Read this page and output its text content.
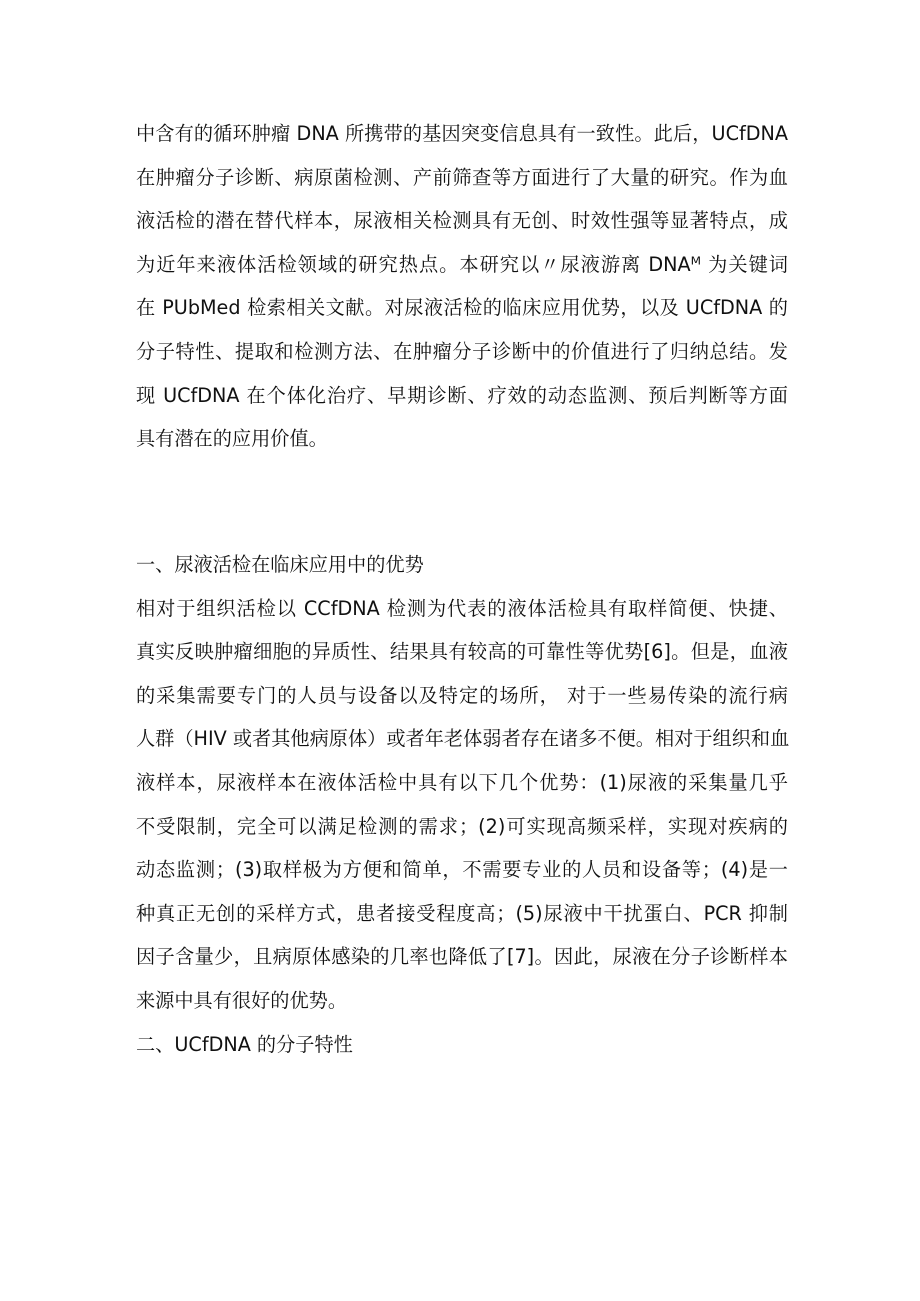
中含有的循环肿瘤 DNA 所携带的基因突变信息具有一致性。此后，UCfDNA
在肿瘤分子诊断、病原菌检测、产前筛查等方面进行了大量的研究。作为血
液活检的潜在替代样本，尿液相关检测具有无创、时效性强等显著特点，成
为近年来液体活检领域的研究热点。本研究以〃尿液游离 DNAᴹ 为关键词
在 PUbMed 检索相关文献。对尿液活检的临床应用优势，以及 UCfDNA 的
分子特性、提取和检测方法、在肿瘤分子诊断中的价值进行了归纳总结。发
现 UCfDNA 在个体化治疗、早期诊断、疗效的动态监测、预后判断等方面
具有潜在的应用价值。
一、尿液活检在临床应用中的优势
相对于组织活检以 CCfDNA 检测为代表的液体活检具有取样简便、快捷、
真实反映肿瘤细胞的异质性、结果具有较高的可靠性等优势[6]。但是，血液
的采集需要专门的人员与设备以及特定的场所， 对于一些易传染的流行病
人群（HIV 或者其他病原体）或者年老体弱者存在诸多不便。相对于组织和血
液样本，尿液样本在液体活检中具有以下几个优势：(1)尿液的采集量几乎
不受限制，完全可以满足检测的需求；(2)可实现高频采样，实现对疾病的
动态监测；(3)取样极为方便和简单，不需要专业的人员和设备等；(4)是一
种真正无创的采样方式，患者接受程度高；(5)尿液中干扰蛋白、PCR 抑制
因子含量少，且病原体感染的几率也降低了[7]。因此，尿液在分子诊断样本
来源中具有很好的优势。
二、UCfDNA 的分子特性
